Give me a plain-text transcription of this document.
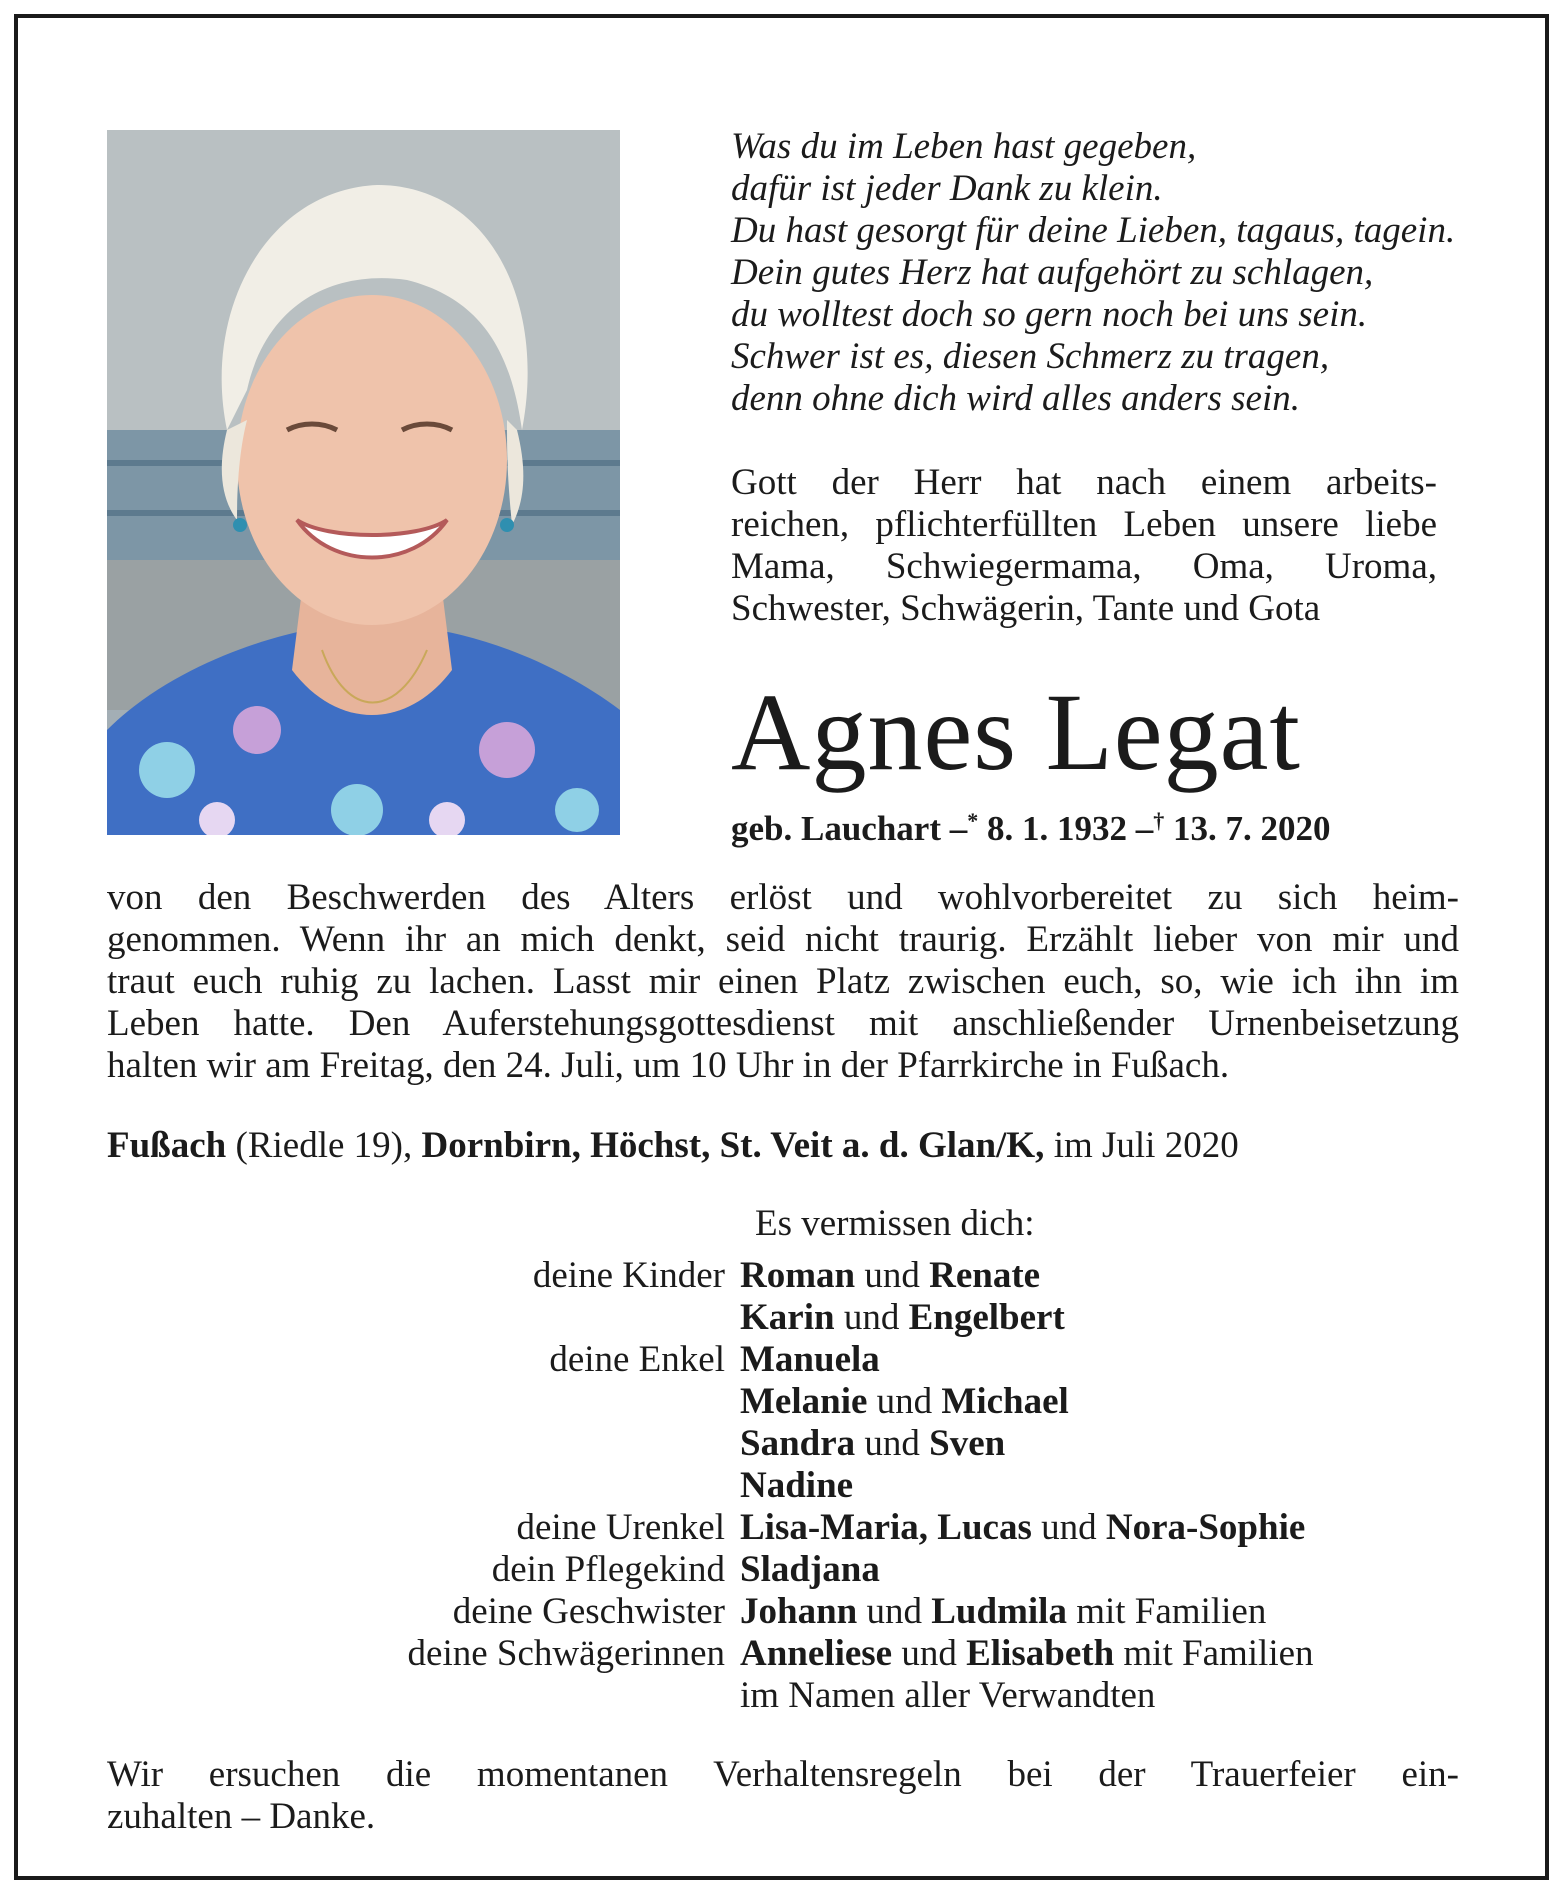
Was du im Leben hast gegeben,
dafür ist jeder Dank zu klein.
Du hast gesorgt für deine Lieben, tagaus, tagein.
Dein gutes Herz hat aufgehört zu schlagen,
du wolltest doch so gern noch bei uns sein.
Schwer ist es, diesen Schmerz zu tragen,
denn ohne dich wird alles anders sein.
Gott der Herr hat nach einem arbeits-
reichen, pflichterfüllten Leben unsere liebe
Mama, Schwiegermama, Oma, Uroma,
Schwester, Schwägerin, Tante und Gota
Agnes Legat
geb. Lauchart –* 8. 1. 1932 –† 13. 7. 2020
von den Beschwerden des Alters erlöst und wohlvorbereitet zu sich heim-
genommen. Wenn ihr an mich denkt, seid nicht traurig. Erzählt lieber von mir und
traut euch ruhig zu lachen. Lasst mir einen Platz zwischen euch, so, wie ich ihn im
Leben hatte. Den Auferstehungsgottesdienst mit anschließender Urnenbeisetzung
halten wir am Freitag, den 24. Juli, um 10 Uhr in der Pfarrkirche in Fußach.
Fußach (Riedle 19), Dornbirn, Höchst, St. Veit a. d. Glan/K, im Juli 2020
Es vermissen dich:
deine Kinder Roman und Renate
Karin und Engelbert
deine Enkel Manuela
Melanie und Michael
Sandra und Sven
Nadine
deine Urenkel Lisa-Maria, Lucas und Nora-Sophie
dein Pflegekind Sladjana
deine Geschwister Johann und Ludmila mit Familien
deine Schwägerinnen Anneliese und Elisabeth mit Familien
im Namen aller Verwandten
Wir ersuchen die momentanen Verhaltensregeln bei der Trauerfeier ein-
zuhalten – Danke.
